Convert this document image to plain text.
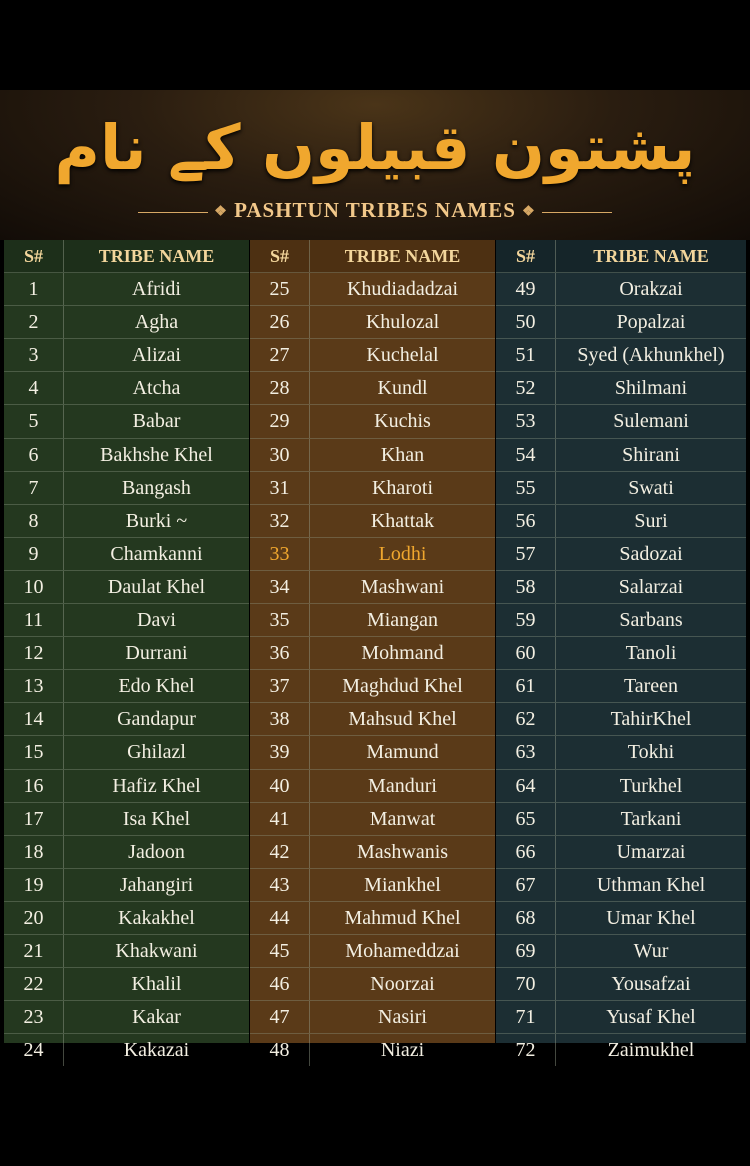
پشتون قبیلوں کے نام
❖ PASHTUN TRIBES NAMES ❖
S#	TRIBE NAME
1	Afridi
2	Agha
3	Alizai
4	Atcha
5	Babar
6	Bakhshe Khel
7	Bangash
8	Burki ~
9	Chamkanni
10	Daulat Khel
11	Davi
12	Durrani
13	Edo Khel
14	Gandapur
15	Ghilazl
16	Hafiz Khel
17	Isa Khel
18	Jadoon
19	Jahangiri
20	Kakakhel
21	Khakwani
22	Khalil
23	Kakar
24	Kakazai
S#	TRIBE NAME
25	Khudiadadzai
26	Khulozal
27	Kuchelal
28	Kundl
29	Kuchis
30	Khan
31	Kharoti
32	Khattak
33	Lodhi
34	Mashwani
35	Miangan
36	Mohmand
37	Maghdud Khel
38	Mahsud Khel
39	Mamund
40	Manduri
41	Manwat
42	Mashwanis
43	Miankhel
44	Mahmud Khel
45	Mohameddzai
46	Noorzai
47	Nasiri
48	Niazi
S#	TRIBE NAME
49	Orakzai
50	Popalzai
51	Syed (Akhunkhel)
52	Shilmani
53	Sulemani
54	Shirani
55	Swati
56	Suri
57	Sadozai
58	Salarzai
59	Sarbans
60	Tanoli
61	Tareen
62	TahirKhel
63	Tokhi
64	Turkhel
65	Tarkani
66	Umarzai
67	Uthman Khel
68	Umar Khel
69	Wur
70	Yousafzai
71	Yusaf Khel
72	Zaimukhel
